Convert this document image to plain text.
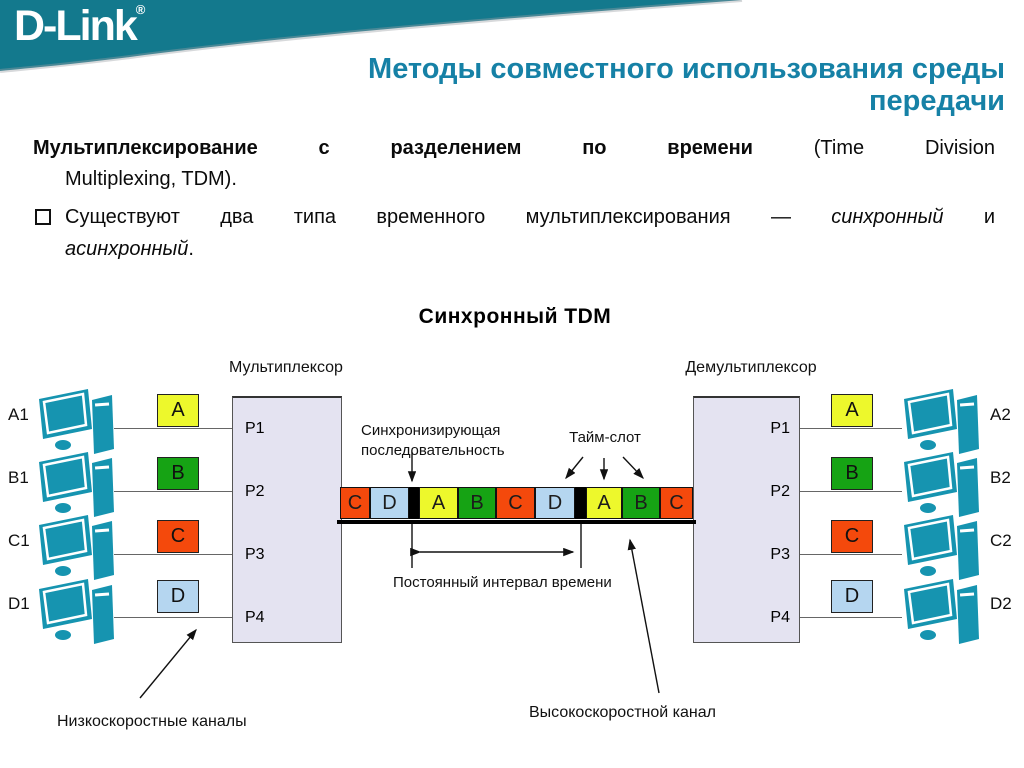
D-Link®
Методы совместного использования среды
передачи
Мультиплексирование	с	разделением	по	времени	(Time	Division
Multiplexing, TDM).
Существуют два типа временного мультиплексирования — синхронный и
асинхронный.
Синхронный TDM
Мультиплексор	Демультиплексор
A1
B1
C1
D1
A2
B2
C2
D2
A
B
C
D
A
B
C
D
P1
P2
P3
P4
P1
P2
P3
P4
C	D	A	B	C	D	A	B	C
Синхронизирующая последовательность
Тайм-слот
Постоянный интервал времени
Низкоскоростные каналы
Высокоскоростной канал
